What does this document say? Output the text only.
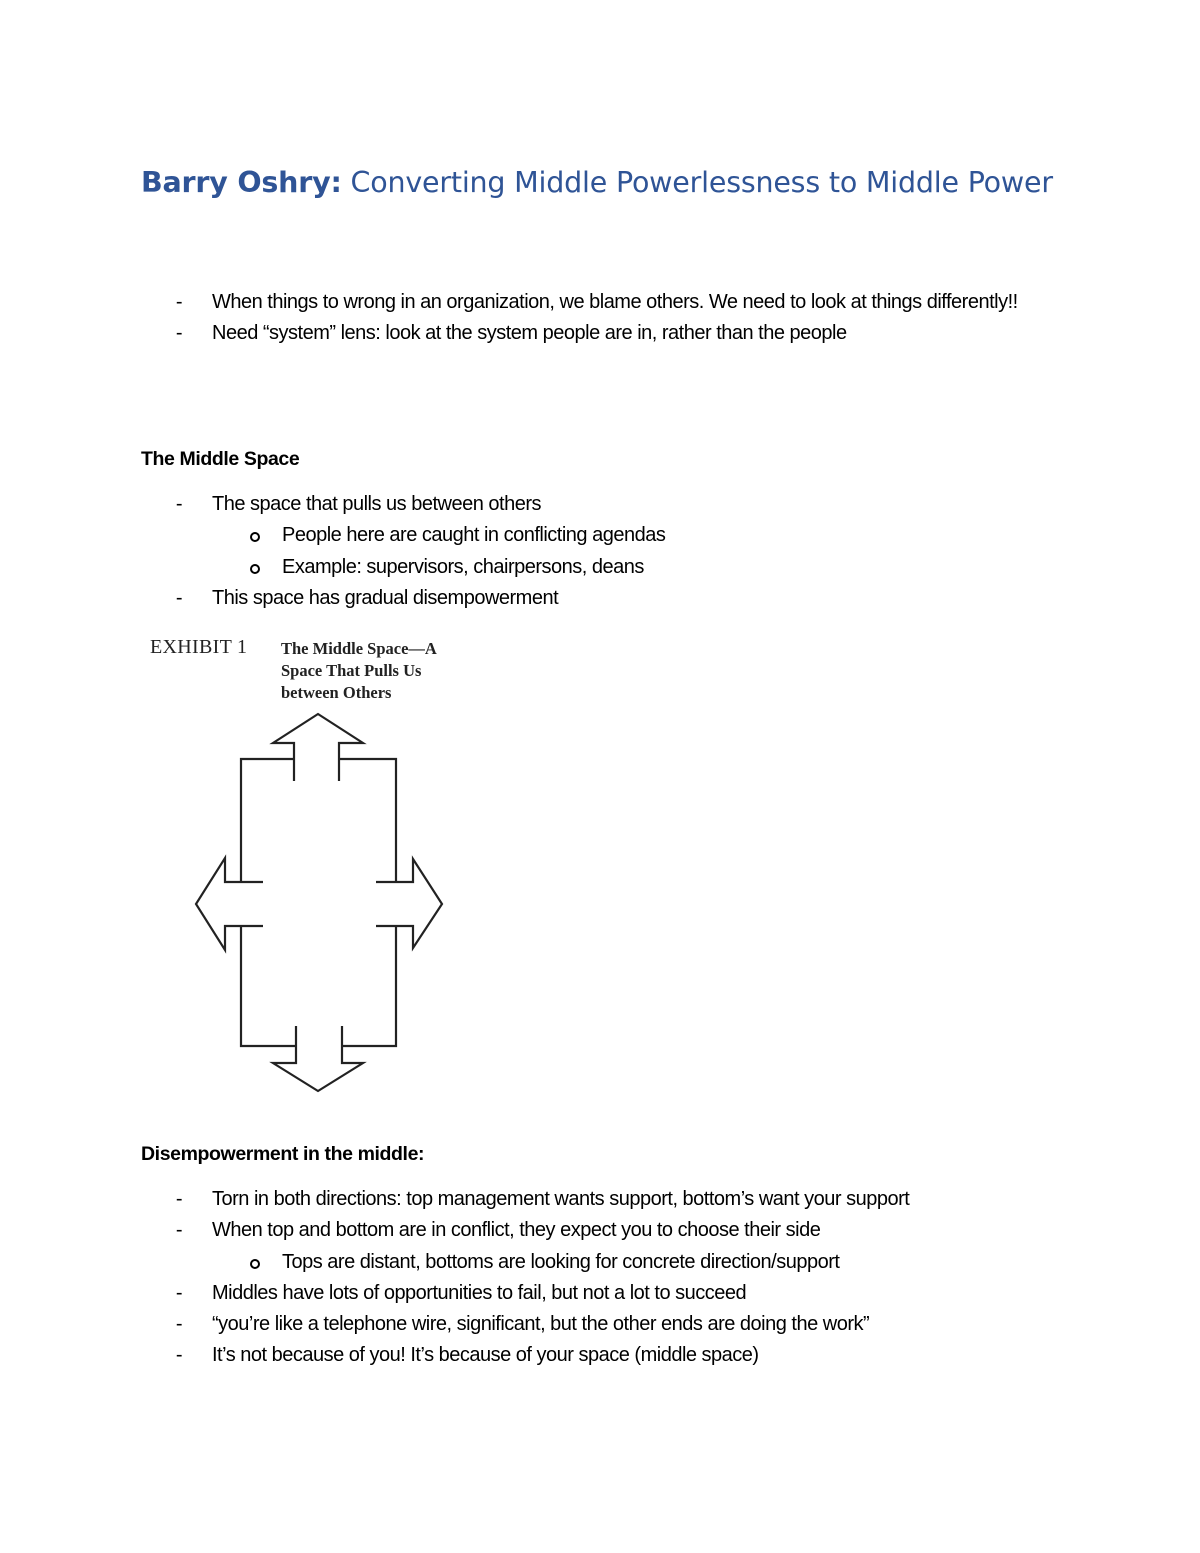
Barry Oshry: Converting Middle Powerlessness to Middle Power
- When things to wrong in an organization, we blame others. We need to look at things differently!!
- Need “system” lens: look at the system people are in, rather than the people
The Middle Space
- The space that pulls us between others
People here are caught in conflicting agendas
Example: supervisors, chairpersons, deans
- This space has gradual disempowerment
EXHIBIT 1 The Middle Space—A Space That Pulls Us between Others
Disempowerment in the middle:
- Torn in both directions: top management wants support, bottom’s want your support
- When top and bottom are in conflict, they expect you to choose their side
Tops are distant, bottoms are looking for concrete direction/support
- Middles have lots of opportunities to fail, but not a lot to succeed
- “you’re like a telephone wire, significant, but the other ends are doing the work”
- It’s not because of you! It’s because of your space (middle space)
